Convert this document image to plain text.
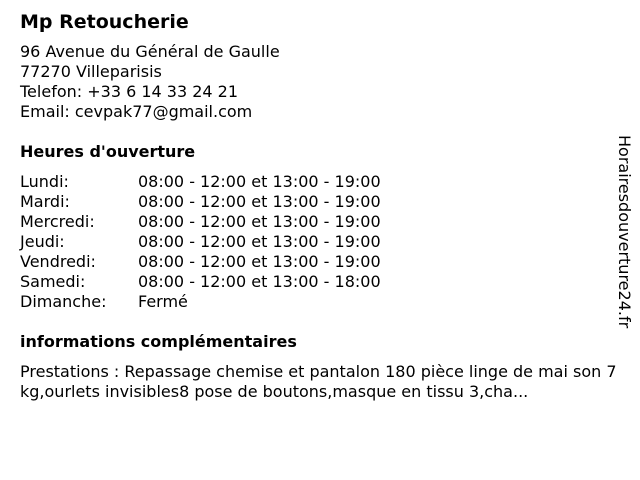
Mp Retoucherie
96 Avenue du Général de Gaulle
77270 Villeparisis
Telefon: +33 6 14 33 24 21
Email: cevpak77@gmail.com
Heures d'ouverture
Lundi:	08:00 - 12:00 et 13:00 - 19:00
Mardi:	08:00 - 12:00 et 13:00 - 19:00
Mercredi:	08:00 - 12:00 et 13:00 - 19:00
Jeudi:	08:00 - 12:00 et 13:00 - 19:00
Vendredi:	08:00 - 12:00 et 13:00 - 19:00
Samedi:	08:00 - 12:00 et 13:00 - 18:00
Dimanche:	Fermé
informations complémentaires
Prestations : Repassage chemise et pantalon 180 pièce linge de mai son 7 kg,ourlets invisibles8 pose de boutons,masque en tissu 3,cha...
Horairesdouverture24.fr
